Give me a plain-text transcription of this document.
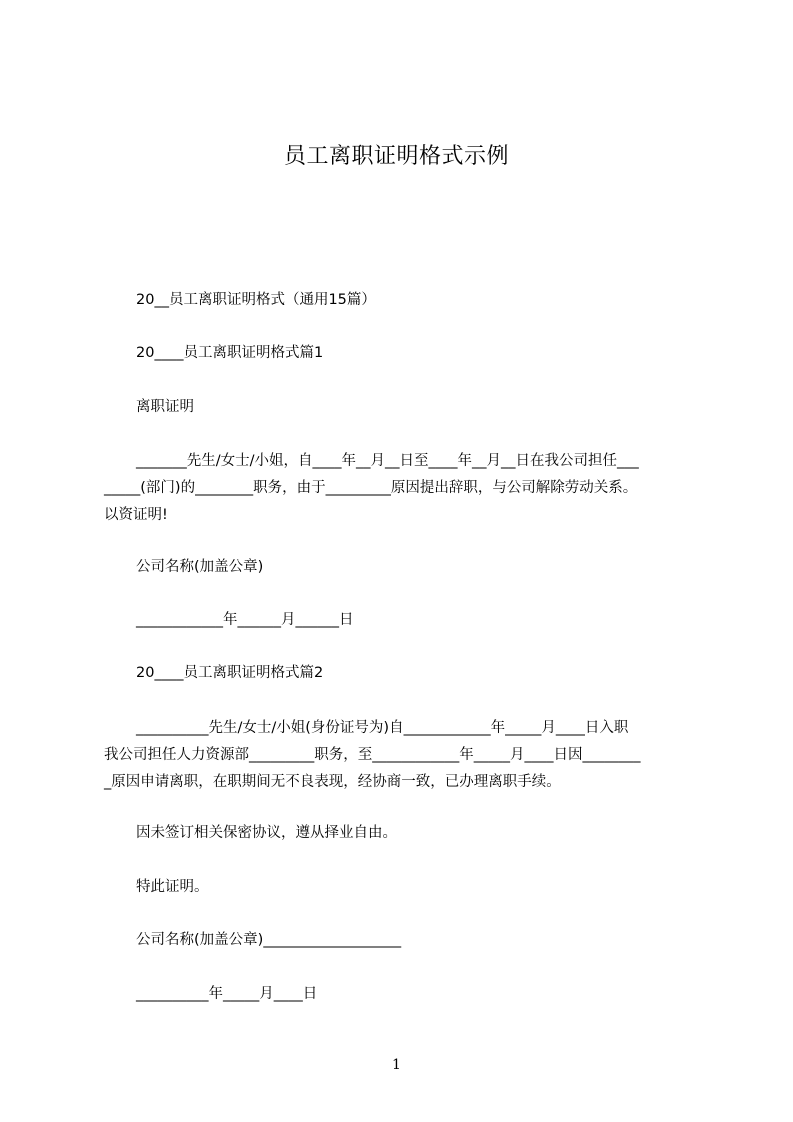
员工离职证明格式示例
20__员工离职证明格式（通用15篇）
20____员工离职证明格式篇1
离职证明
_______先生/女士/小姐，自____年__月__日至____年__月__日在我公司担任___
_____(部门)的________职务，由于_________原因提出辞职，与公司解除劳动关系。
以资证明!
公司名称(加盖公章)
____________年______月______日
20____员工离职证明格式篇2
__________先生/女士/小姐(身份证号为)自____________年_____月____日入职
我公司担任人力资源部_________职务，至____________年_____月____日因________
_原因申请离职，在职期间无不良表现，经协商一致，已办理离职手续。
因未签订相关保密协议，遵从择业自由。
特此证明。
公司名称(加盖公章)___________________
__________年_____月____日
1
